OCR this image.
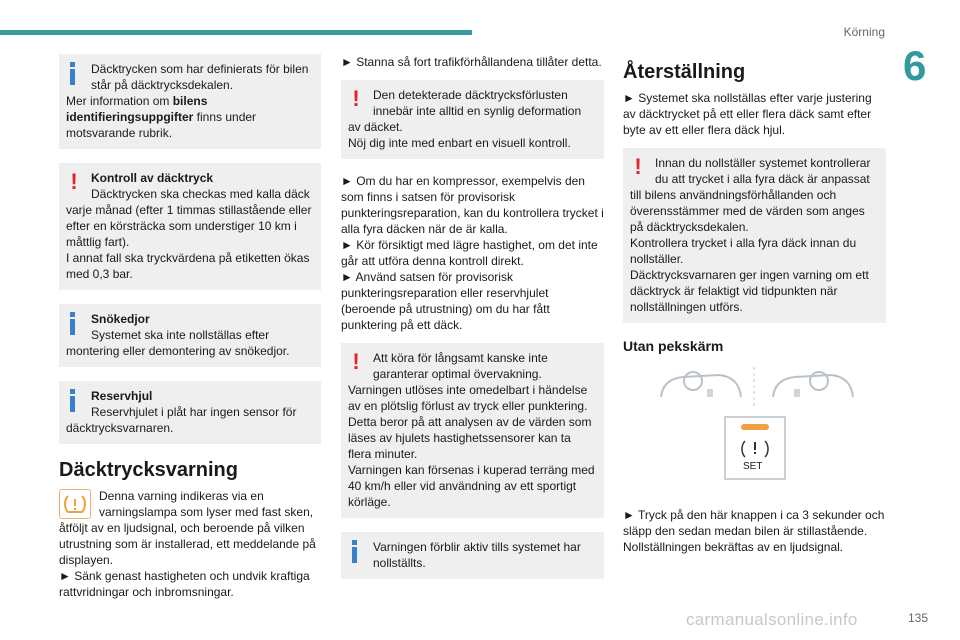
Körning
6
Däcktrycken som har definierats för bilen står på däcktrycksdekalen.
Mer information om bilens identifieringsuppgifter finns under motsvarande rubrik.
!	Kontroll av däcktryck
Däcktrycken ska checkas med kalla däck
varje månad (efter 1 timmas stillastående eller efter en körsträcka som understiger 10 km i måttlig fart).
I annat fall ska tryckvärdena på etiketten ökas med 0,3 bar.
Snökedjor
Systemet ska inte nollställas efter
montering eller demontering av snökedjor.
Reservhjul
Reservhjulet i plåt har ingen sensor för
däcktrycksvarnaren.
Däcktrycksvarning
Denna varning indikeras via en varningslampa som lyser med fast sken,
åtföljt av en ljudsignal, och beroende på vilken utrustning som är installerad, ett meddelande på displayen.
► Sänk genast hastigheten och undvik kraftiga rattvridningar och inbromsningar.
► Stanna så fort trafikförhållandena tillåter detta.
!	Den detekterade däcktrycksförlusten innebär inte alltid en synlig deformation
av däcket.
Nöj dig inte med enbart en visuell kontroll.
► Om du har en kompressor, exempelvis den som finns i satsen för provisorisk punkteringsreparation, kan du kontrollera trycket i alla fyra däcken när de är kalla.
► Kör försiktigt med lägre hastighet, om det inte går att utföra denna kontroll direkt.
► Använd satsen för provisorisk punkteringsreparation eller reservhjulet (beroende på utrustning) om du har fått punktering på ett däck.
!	Att köra för långsamt kanske inte garanterar optimal övervakning.
Varningen utlöses inte omedelbart i händelse av en plötslig förlust av tryck eller punktering.
Detta beror på att analysen av de värden som läses av hjulets hastighetssensorer kan ta flera minuter.
Varningen kan försenas i kuperad terräng med 40 km/h eller vid användning av ett sportigt körläge.
Varningen förblir aktiv tills systemet har nollställts.
Återställning
► Systemet ska nollställas efter varje justering av däcktrycket på ett eller flera däck samt efter byte av ett eller flera däck hjul.
!	Innan du nollställer systemet kontrollerar du att trycket i alla fyra däck är anpassat
till bilens användningsförhållanden och överensstämmer med de värden som anges på däcktrycksdekalen.
Kontrollera trycket i alla fyra däck innan du nollställer.
Däcktrycksvarnaren ger ingen varning om ett däcktryck är felaktigt vid tidpunkten när nollställningen utförs.
Utan pekskärm
SET
► Tryck på den här knappen i ca 3 sekunder och släpp den sedan medan bilen är stillastående. Nollställningen bekräftas av en ljudsignal.
carmanualsonline.info	135
